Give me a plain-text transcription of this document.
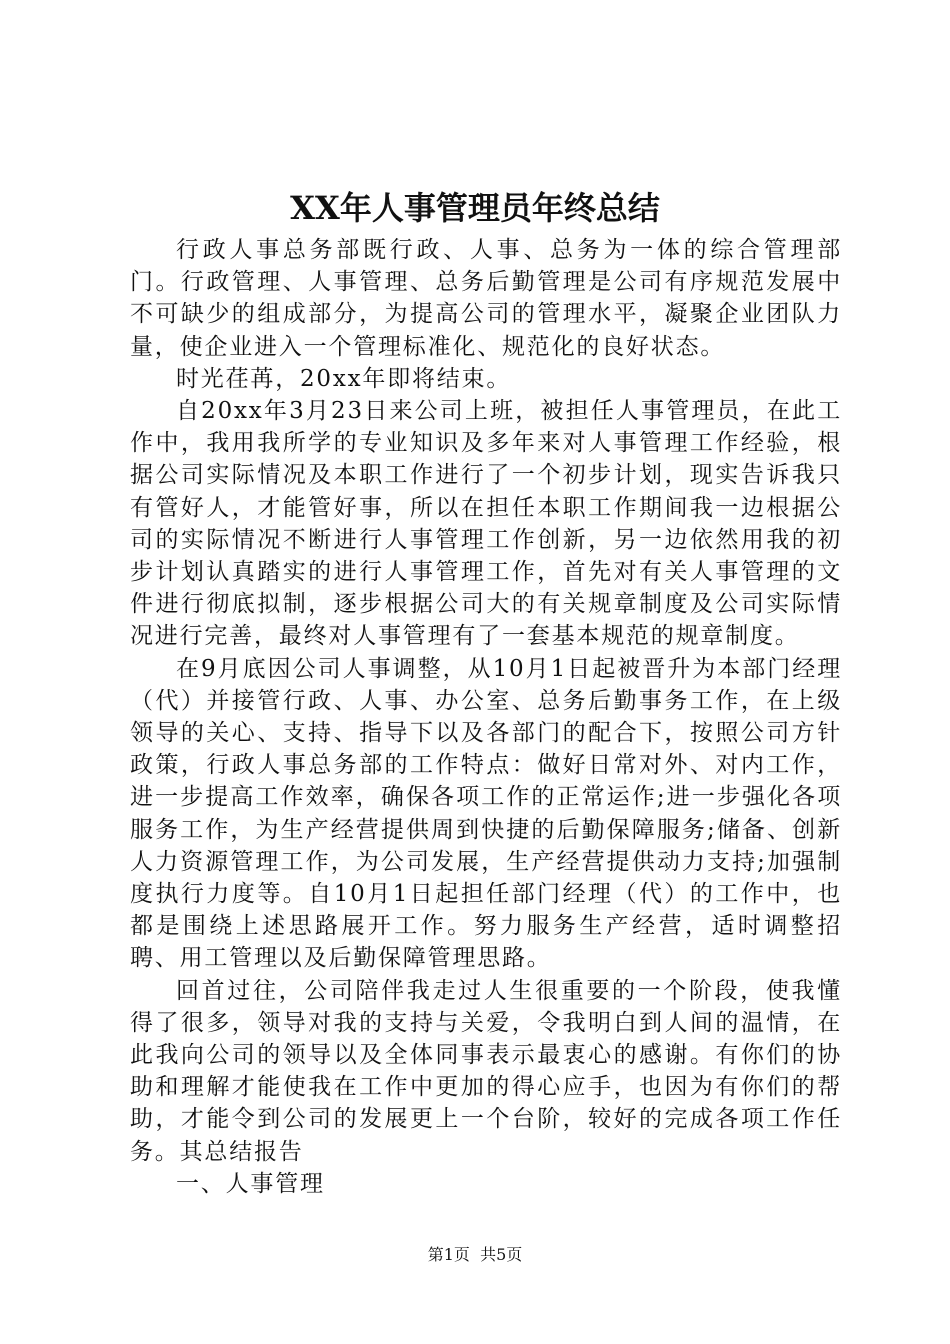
XX年人事管理员年终总结

行政人事总务部既行政、人事、总务为一体的综合管理部门。行政管理、人事管理、总务后勤管理是公司有序规范发展中不可缺少的组成部分，为提高公司的管理水平，凝聚企业团队力量，使企业进入一个管理标准化、规范化的良好状态。

时光荏苒，20xx年即将结束。

自20xx年3月23日来公司上班，被担任人事管理员，在此工作中，我用我所学的专业知识及多年来对人事管理工作经验，根据公司实际情况及本职工作进行了一个初步计划，现实告诉我只有管好人，才能管好事，所以在担任本职工作期间我一边根据公司的实际情况不断进行人事管理工作创新，另一边依然用我的初步计划认真踏实的进行人事管理工作，首先对有关人事管理的文件进行彻底拟制，逐步根据公司大的有关规章制度及公司实际情况进行完善，最终对人事管理有了一套基本规范的规章制度。

在9月底因公司人事调整，从10月1日起被晋升为本部门经理（代）并接管行政、人事、办公室、总务后勤事务工作，在上级领导的关心、支持、指导下以及各部门的配合下，按照公司方针政策，行政人事总务部的工作特点：做好日常对外、对内工作，进一步提高工作效率，确保各项工作的正常运作;进一步强化各项服务工作，为生产经营提供周到快捷的后勤保障服务;储备、创新人力资源管理工作，为公司发展，生产经营提供动力支持;加强制度执行力度等。自10月1日起担任部门经理（代）的工作中，也都是围绕上述思路展开工作。努力服务生产经营，适时调整招聘、用工管理以及后勤保障管理思路。

回首过往，公司陪伴我走过人生很重要的一个阶段，使我懂得了很多，领导对我的支持与关爱，令我明白到人间的温情，在此我向公司的领导以及全体同事表示最衷心的感谢。有你们的协助和理解才能使我在工作中更加的得心应手，也因为有你们的帮助，才能令到公司的发展更上一个台阶，较好的完成各项工作任务。其总结报告

一、人事管理

第1页 共5页
